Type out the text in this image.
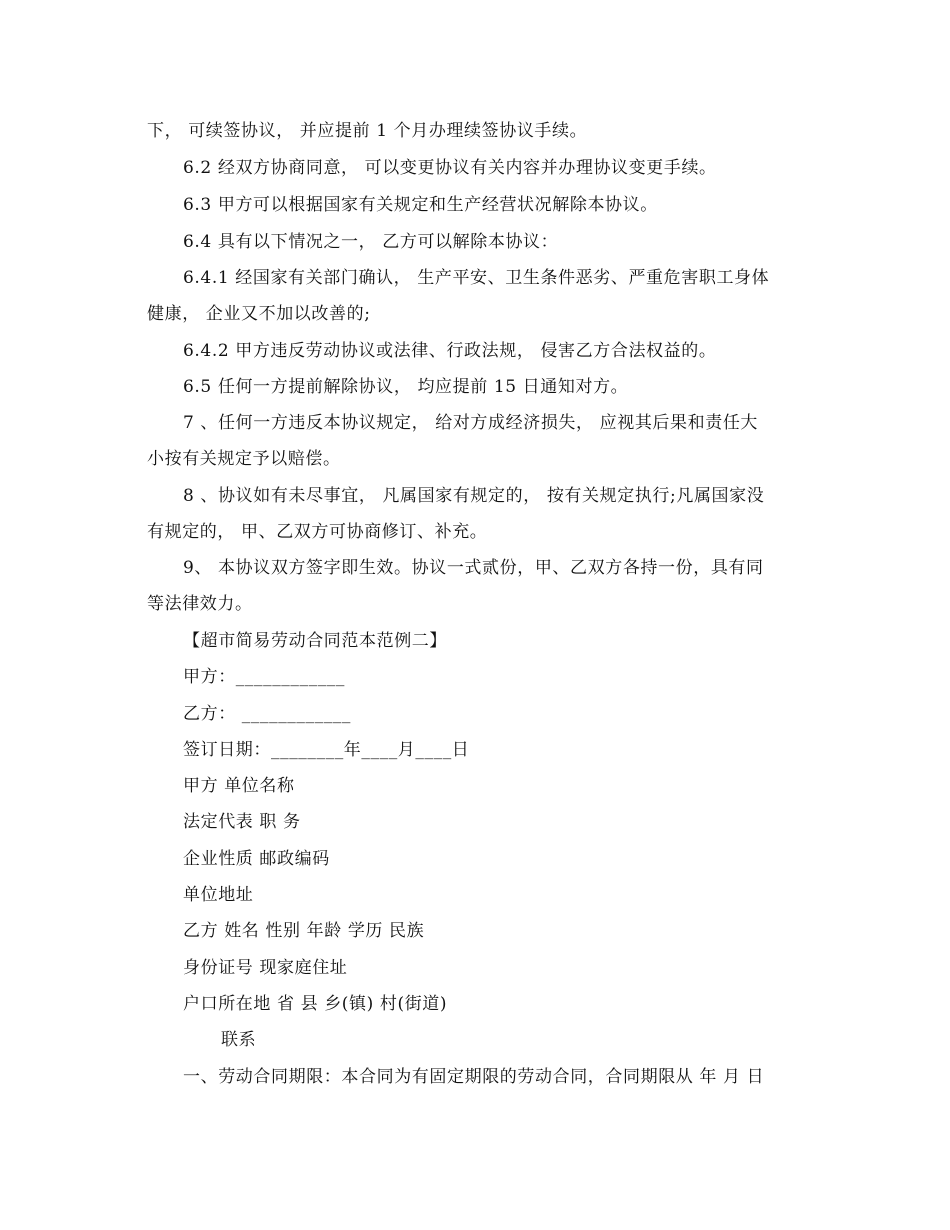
下， 可续签协议， 并应提前 1 个月办理续签协议手续。
6.2 经双方协商同意， 可以变更协议有关内容并办理协议变更手续。
6.3 甲方可以根据国家有关规定和生产经营状况解除本协议。
6.4 具有以下情况之一， 乙方可以解除本协议：
6.4.1 经国家有关部门确认， 生产平安、卫生条件恶劣、严重危害职工身体
健康， 企业又不加以改善的;
6.4.2 甲方违反劳动协议或法律、行政法规， 侵害乙方合法权益的。
6.5 任何一方提前解除协议， 均应提前 15 日通知对方。
7 、任何一方违反本协议规定， 给对方成经济损失， 应视其后果和责任大
小按有关规定予以赔偿。
8 、协议如有未尽事宜， 凡属国家有规定的， 按有关规定执行;凡属国家没
有规定的， 甲、乙双方可协商修订、补充。
9、 本协议双方签字即生效。协议一式贰份，甲、乙双方各持一份，具有同
等法律效力。
【超市简易劳动合同范本范例二】
甲方：____________
乙方： ____________
签订日期：________年____月____日
甲方 单位名称
法定代表 职 务
企业性质 邮政编码
单位地址
乙方 姓名 性别 年龄 学历 民族
身份证号 现家庭住址
户口所在地 省 县 乡(镇) 村(街道)
联系
一、劳动合同期限：本合同为有固定期限的劳动合同，合同期限从 年 月 日
